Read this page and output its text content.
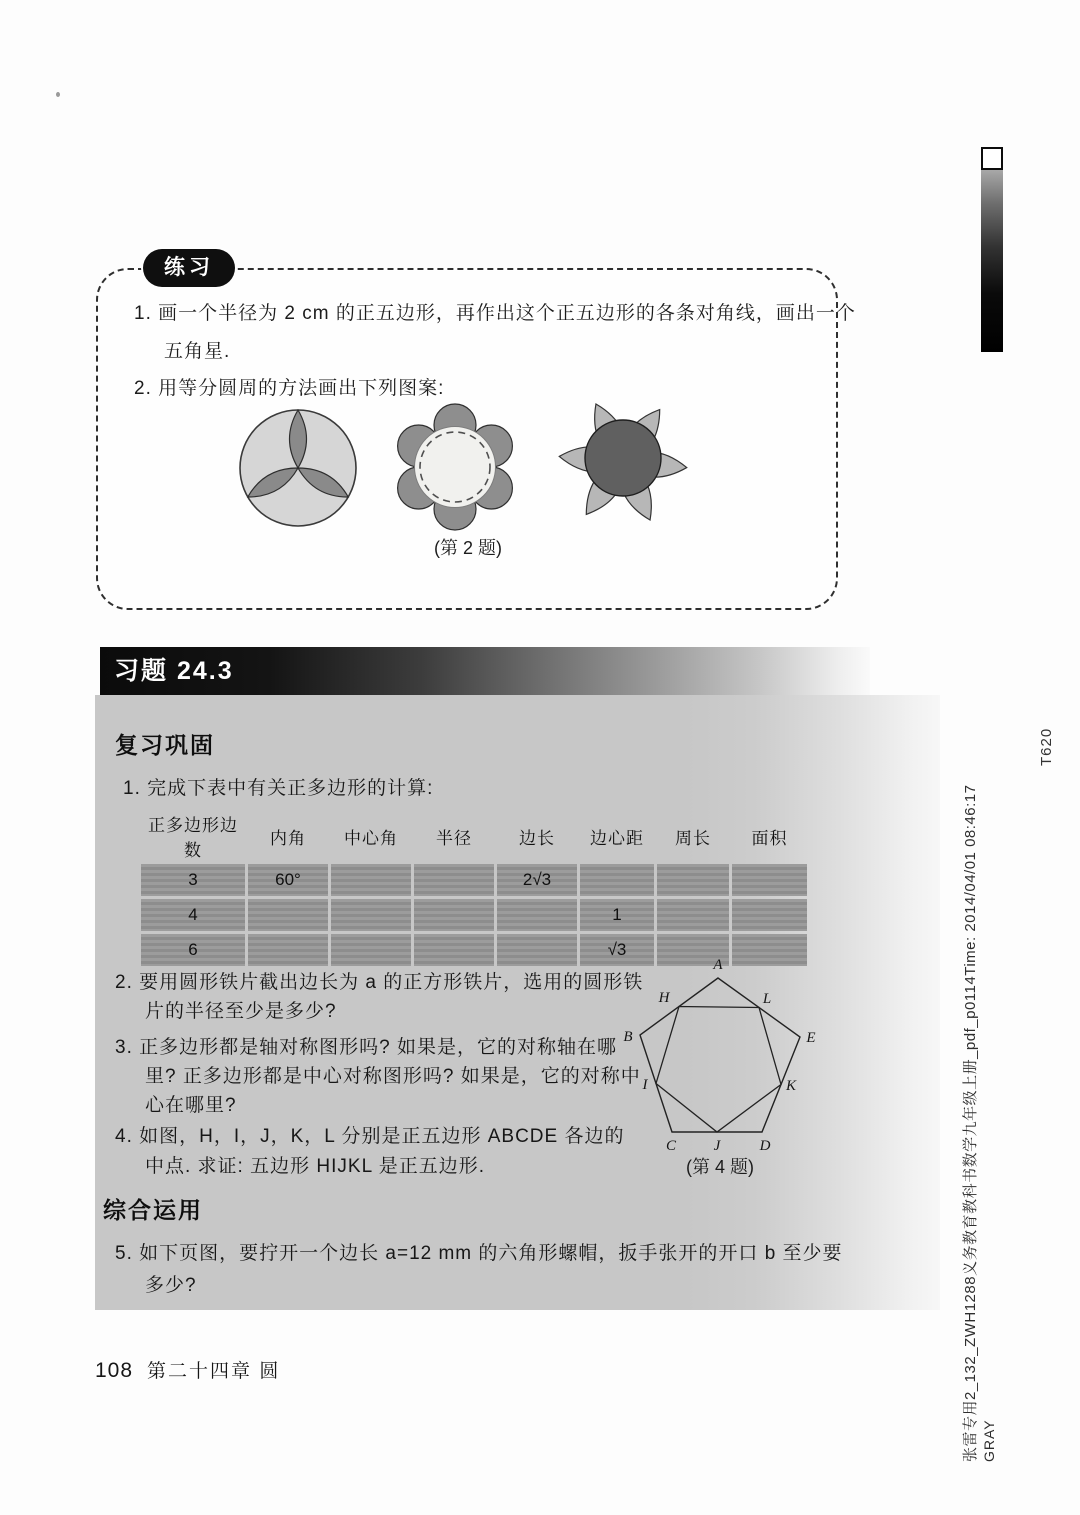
练习
1. 画一个半径为 2 cm 的正五边形，再作出这个正五边形的各条对角线，画出一个
五角星.
2. 用等分圆周的方法画出下列图案:
(第 2 题)
习题 24.3
复习巩固
1. 完成下表中有关正多边形的计算:
正多边形边数	内角	中心角	半径	边长	边心距	周长	面积
3	60°			2√3			
4					1		
6					√3		
2. 要用圆形铁片截出边长为 a 的正方形铁片，选用的圆形铁
片的半径至少是多少?
3. 正多边形都是轴对称图形吗? 如果是，它的对称轴在哪
里? 正多边形都是中心对称图形吗? 如果是，它的对称中
心在哪里?
4. 如图，H，I，J，K，L 分别是正五边形 ABCDE 各边的
中点. 求证: 五边形 HIJKL 是正五边形.
综合运用
5. 如下页图，要拧开一个边长 a=12 mm 的六角形螺帽，扳手张开的开口 b 至少要
多少?
A
B
C	D
E
H
I
J
K
L
(第 4 题)
108 第二十四章 圆
T620
张雷专用2_132_ZWH1288义务教育教科书数学九年级上册_pdf_p0114Time: 2014/04/01 08:46:17 GRAY
